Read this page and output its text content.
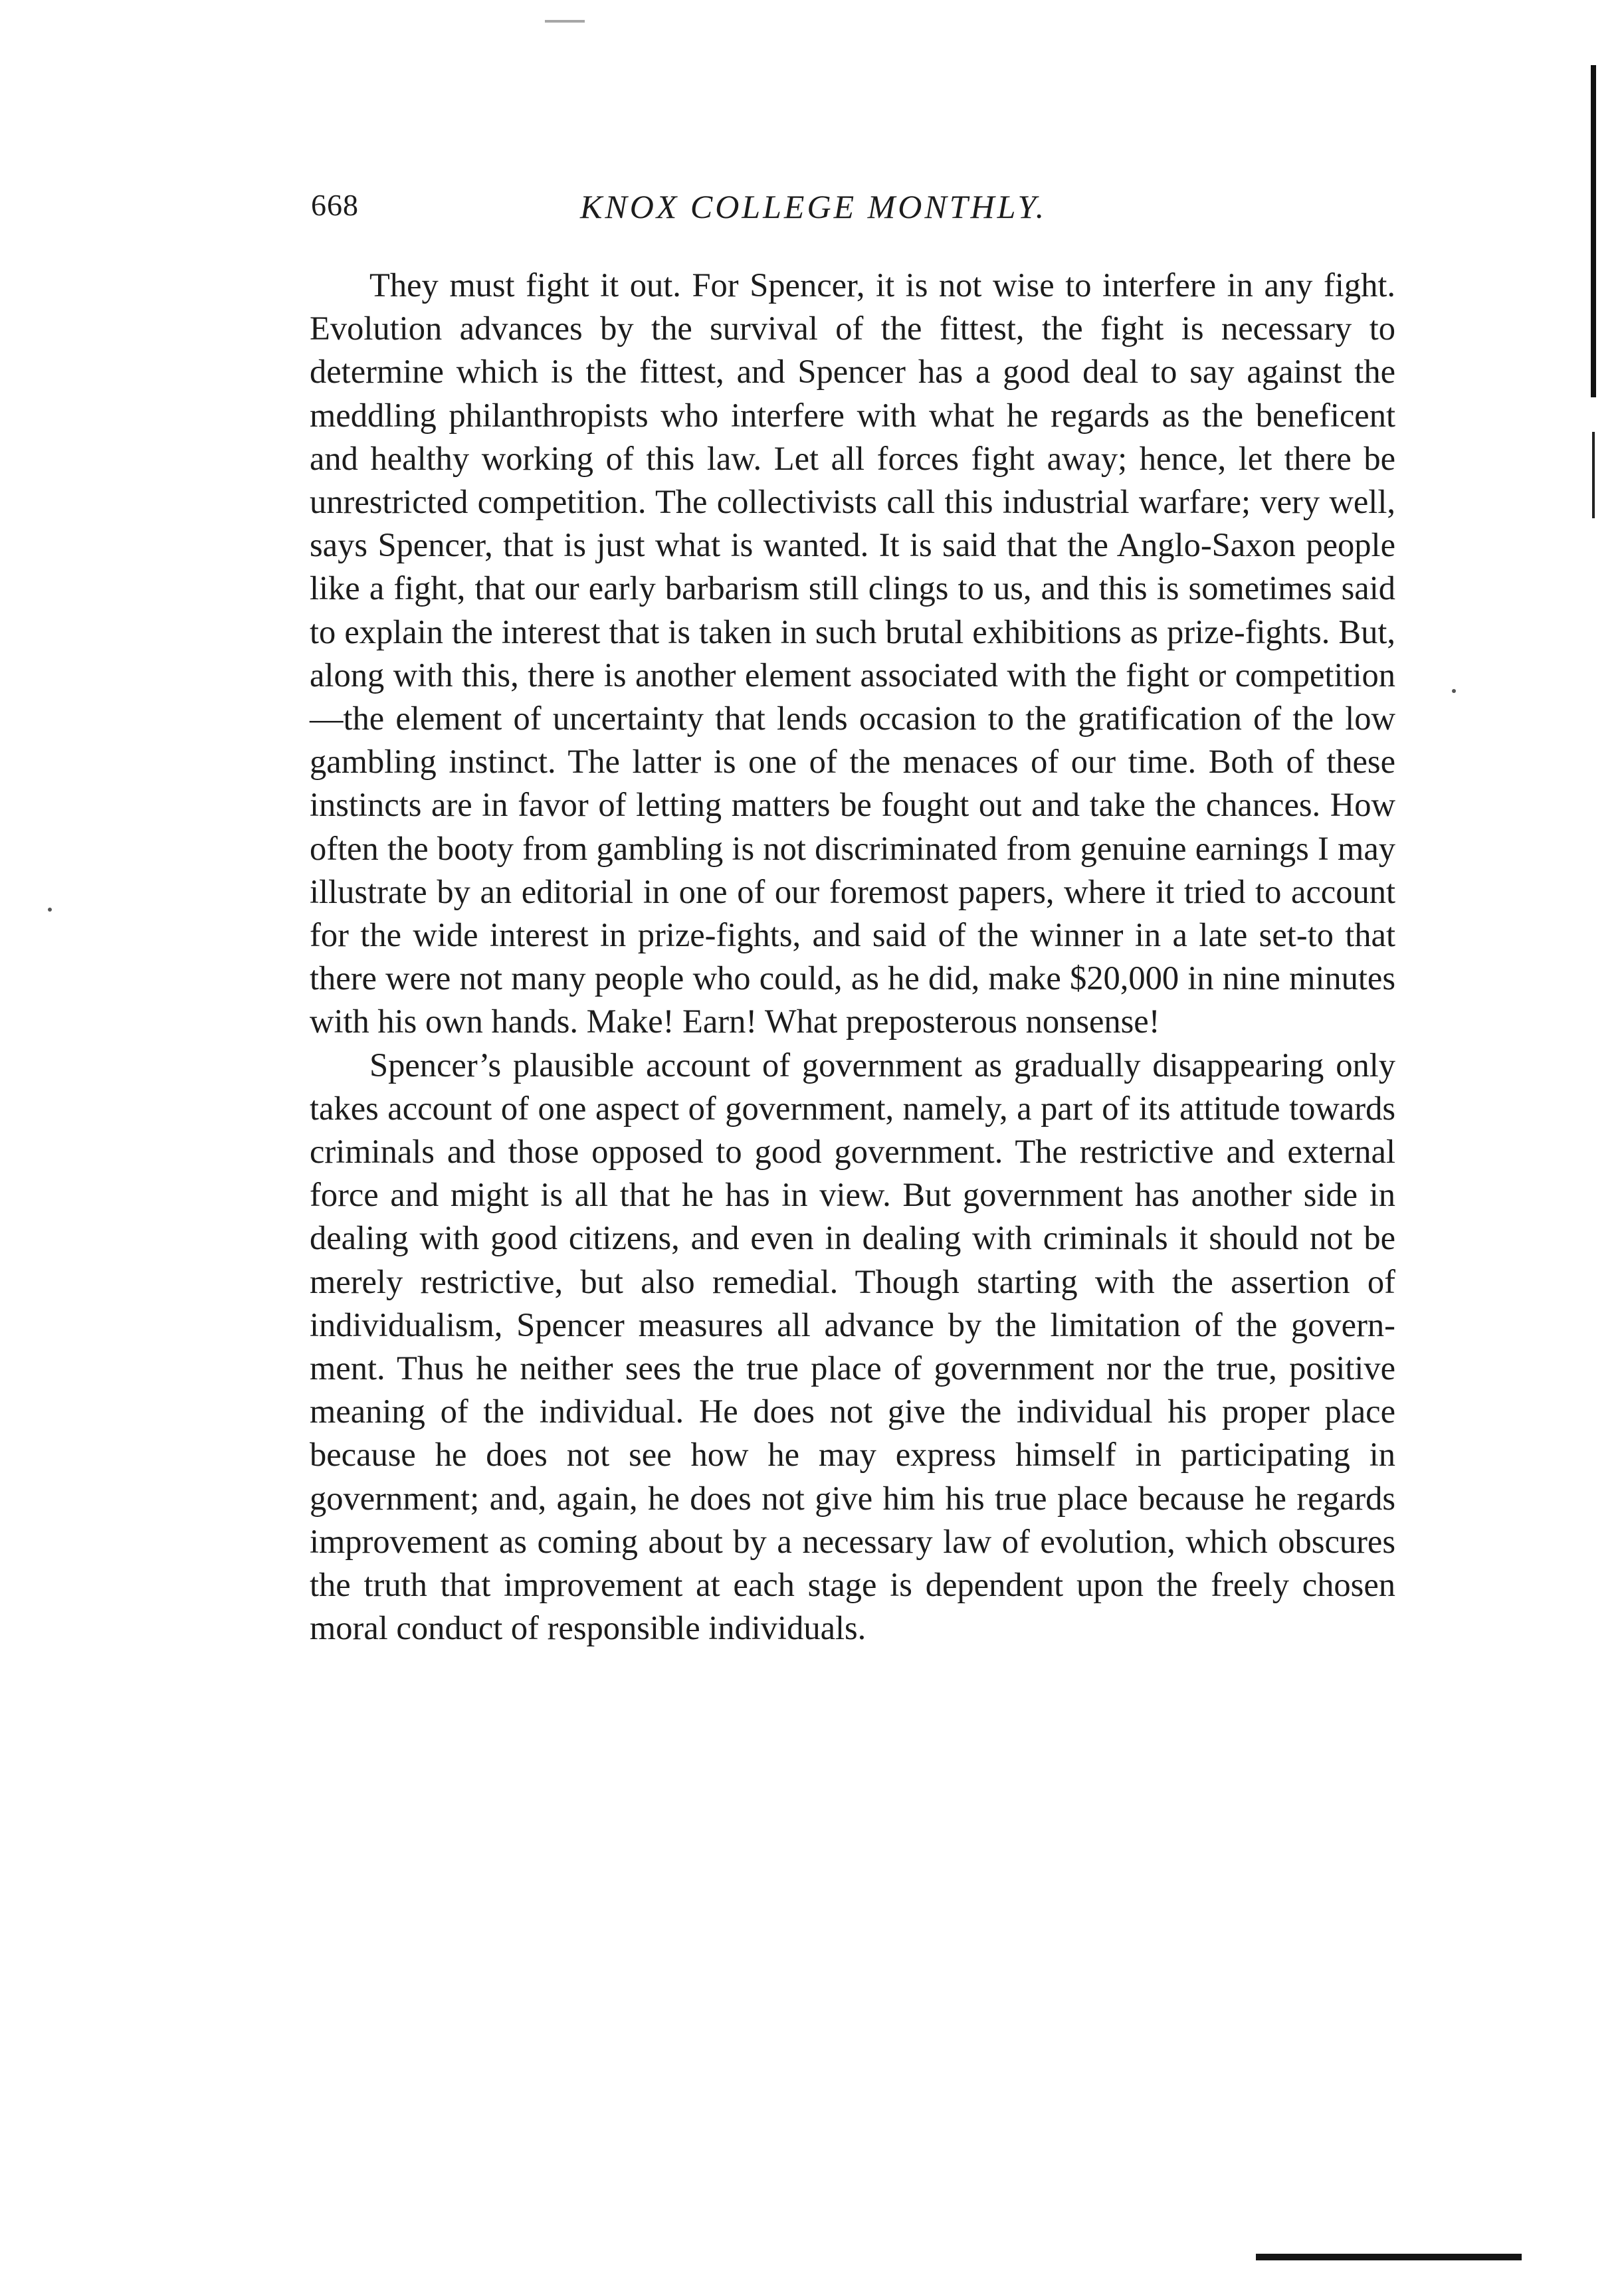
668	KNOX COLLEGE MONTHLY.

They must fight it out. For Spencer, it is not wise to interfere in any fight. Evolution advances by the survival of the fittest, the fight is necessary to determine which is the fittest, and Spencer has a good deal to say against the meddling philanthropists who interfere with what he regards as the beneficent and healthy working of this law. Let all forces fight away; hence, let there be unrestricted competition. The collectivists call this industrial warfare; very well, says Spencer, that is just what is wanted. It is said that the Anglo-Saxon people like a fight, that our early barbarism still clings to us, and this is sometimes said to explain the interest that is taken in such brutal exhibitions as prize-fights. But, along with this, there is another element associated with the fight or competition—the element of uncertainty that lends occasion to the gratification of the low gambling instinct. The latter is one of the menaces of our time. Both of these instincts are in favor of letting matters be fought out and take the chances. How often the booty from gambling is not discriminated from genuine earnings I may illustrate by an editorial in one of our foremost papers, where it tried to account for the wide interest in prize-fights, and said of the winner in a late set-to that there were not many people who could, as he did, make $20,000 in nine minutes with his own hands. Make! Earn! What preposterous nonsense!

Spencer’s plausible account of government as gradually disappearing only takes account of one aspect of government, namely, a part of its attitude towards criminals and those opposed to good government. The restrictive and external force and might is all that he has in view. But government has another side in dealing with good citizens, and even in dealing with criminals it should not be merely restrictive, but also remedial. Though starting with the assertion of individualism, Spencer measures all advance by the limitation of the government. Thus he neither sees the true place of government nor the true, positive meaning of the individual. He does not give the individual his proper place because he does not see how he may express himself in participating in government; and, again, he does not give him his true place because he regards improvement as coming about by a necessary law of evolution, which obscures the truth that improvement at each stage is dependent upon the freely chosen moral conduct of responsible individuals.
